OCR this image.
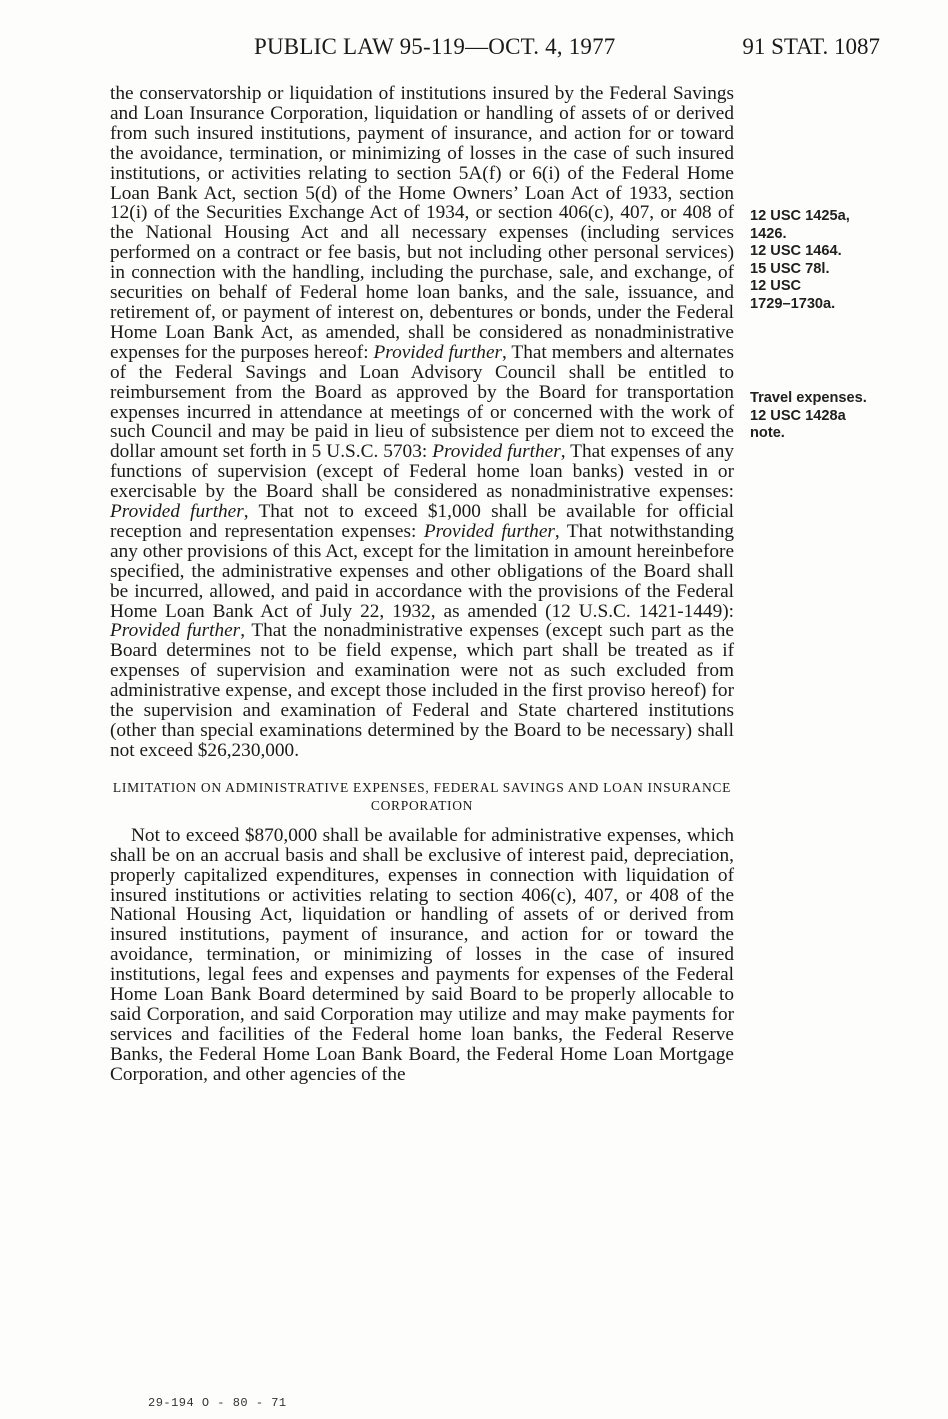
PUBLIC LAW 95-119—OCT. 4, 1977	91 STAT. 1087

the conservatorship or liquidation of institutions insured by the Federal Savings and Loan Insurance Corporation, liquidation or handling of assets of or derived from such insured institutions, payment of insurance, and action for or toward the avoidance, termination, or minimizing of losses in the case of such insured institutions, or activities relating to section 5A(f) or 6(i) of the Federal Home Loan Bank Act, section 5(d) of the Home Owners’ Loan Act of 1933, section 12(i) of the Securities Exchange Act of 1934, or section 406(c), 407, or 408 of the National Housing Act and all necessary expenses (including services performed on a contract or fee basis, but not including other personal services) in connection with the handling, including the purchase, sale, and exchange, of securities on behalf of Federal home loan banks, and the sale, issuance, and retirement of, or payment of interest on, debentures or bonds, under the Federal Home Loan Bank Act, as amended, shall be considered as nonadministrative expenses for the purposes hereof: Provided further, That members and alternates of the Federal Savings and Loan Advisory Council shall be entitled to reimbursement from the Board as approved by the Board for transportation expenses incurred in attendance at meetings of or concerned with the work of such Council and may be paid in lieu of subsistence per diem not to exceed the dollar amount set forth in 5 U.S.C. 5703: Provided further, That expenses of any functions of supervision (except of Federal home loan banks) vested in or exercisable by the Board shall be considered as nonadministrative expenses: Provided further, That not to exceed $1,000 shall be available for official reception and representation expenses: Provided further, That notwithstanding any other provisions of this Act, except for the limitation in amount hereinbefore specified, the administrative expenses and other obligations of the Board shall be incurred, allowed, and paid in accordance with the provisions of the Federal Home Loan Bank Act of July 22, 1932, as amended (12 U.S.C. 1421-1449): Provided further, That the nonadministrative expenses (except such part as the Board determines not to be field expense, which part shall be treated as if expenses of supervision and examination were not as such excluded from administrative expense, and except those included in the first proviso hereof) for the supervision and examination of Federal and State chartered institutions (other than special examinations determined by the Board to be necessary) shall not exceed $26,230,000.

LIMITATION ON ADMINISTRATIVE EXPENSES, FEDERAL SAVINGS AND LOAN INSURANCE CORPORATION

Not to exceed $870,000 shall be available for administrative expenses, which shall be on an accrual basis and shall be exclusive of interest paid, depreciation, properly capitalized expenditures, expenses in connection with liquidation of insured institutions or activities relating to section 406(c), 407, or 408 of the National Housing Act, liquidation or handling of assets of or derived from insured institutions, payment of insurance, and action for or toward the avoidance, termination, or minimizing of losses in the case of insured institutions, legal fees and expenses and payments for expenses of the Federal Home Loan Bank Board determined by said Board to be properly allocable to said Corporation, and said Corporation may utilize and may make payments for services and facilities of the Federal home loan banks, the Federal Reserve Banks, the Federal Home Loan Bank Board, the Federal Home Loan Mortgage Corporation, and other agencies of the

12 USC 1425a,
1426.
12 USC 1464.
15 USC 78l.
12 USC
1729–1730a.
Travel expenses.
12 USC 1428a
note.
29-194 O - 80 - 71
